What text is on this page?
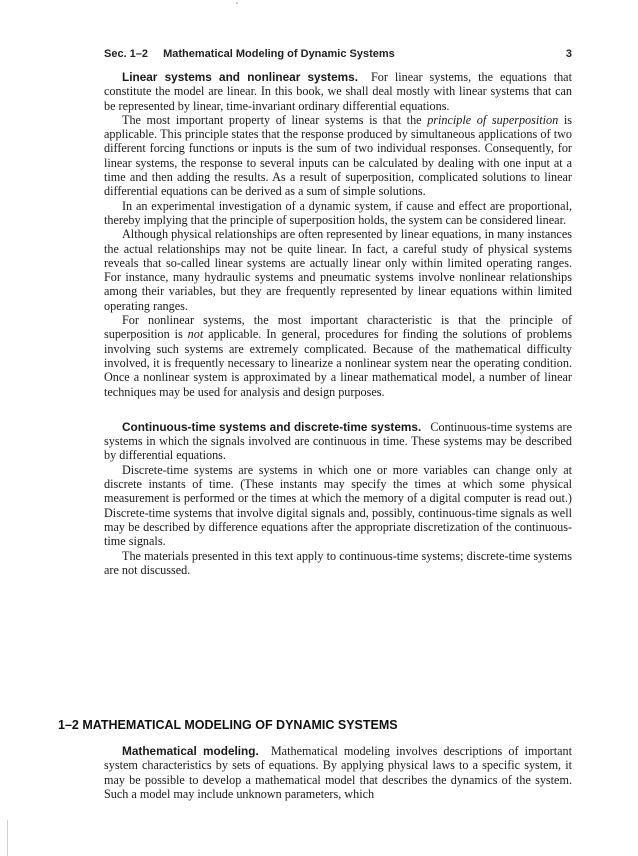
Sec. 1–2 Mathematical Modeling of Dynamic Systems	3

Linear systems and nonlinear systems. For linear systems, the equations that constitute the model are linear. In this book, we shall deal mostly with linear systems that can be represented by linear, time-invariant ordinary differential equations.

The most important property of linear systems is that the principle of superposition is applicable. This principle states that the response produced by simultaneous applications of two different forcing functions or inputs is the sum of two individual responses. Consequently, for linear systems, the response to several inputs can be calculated by dealing with one input at a time and then adding the results. As a result of superposition, complicated solutions to linear differential equations can be derived as a sum of simple solutions.

In an experimental investigation of a dynamic system, if cause and effect are proportional, thereby implying that the principle of superposition holds, the system can be considered linear.

Although physical relationships are often represented by linear equations, in many instances the actual relationships may not be quite linear. In fact, a careful study of physical systems reveals that so-called linear systems are actually linear only within limited operating ranges. For instance, many hydraulic systems and pneumatic systems involve nonlinear relationships among their variables, but they are frequently represented by linear equations within limited operating ranges.

For nonlinear systems, the most important characteristic is that the principle of superposition is not applicable. In general, procedures for finding the solutions of problems involving such systems are extremely complicated. Because of the mathematical difficulty involved, it is frequently necessary to linearize a nonlinear system near the operating condition. Once a nonlinear system is approximated by a linear mathematical model, a number of linear techniques may be used for analysis and design purposes.

Continuous-time systems and discrete-time systems. Continuous-time systems are systems in which the signals involved are continuous in time. These systems may be described by differential equations.

Discrete-time systems are systems in which one or more variables can change only at discrete instants of time. (These instants may specify the times at which some physical measurement is performed or the times at which the memory of a digital computer is read out.) Discrete-time systems that involve digital signals and, possibly, continuous-time signals as well may be described by difference equations after the appropriate discretization of the continuous-time signals.

The materials presented in this text apply to continuous-time systems; discrete-time systems are not discussed.

1–2 MATHEMATICAL MODELING OF DYNAMIC SYSTEMS

Mathematical modeling. Mathematical modeling involves descriptions of important system characteristics by sets of equations. By applying physical laws to a specific system, it may be possible to develop a mathematical model that describes the dynamics of the system. Such a model may include unknown parameters, which
